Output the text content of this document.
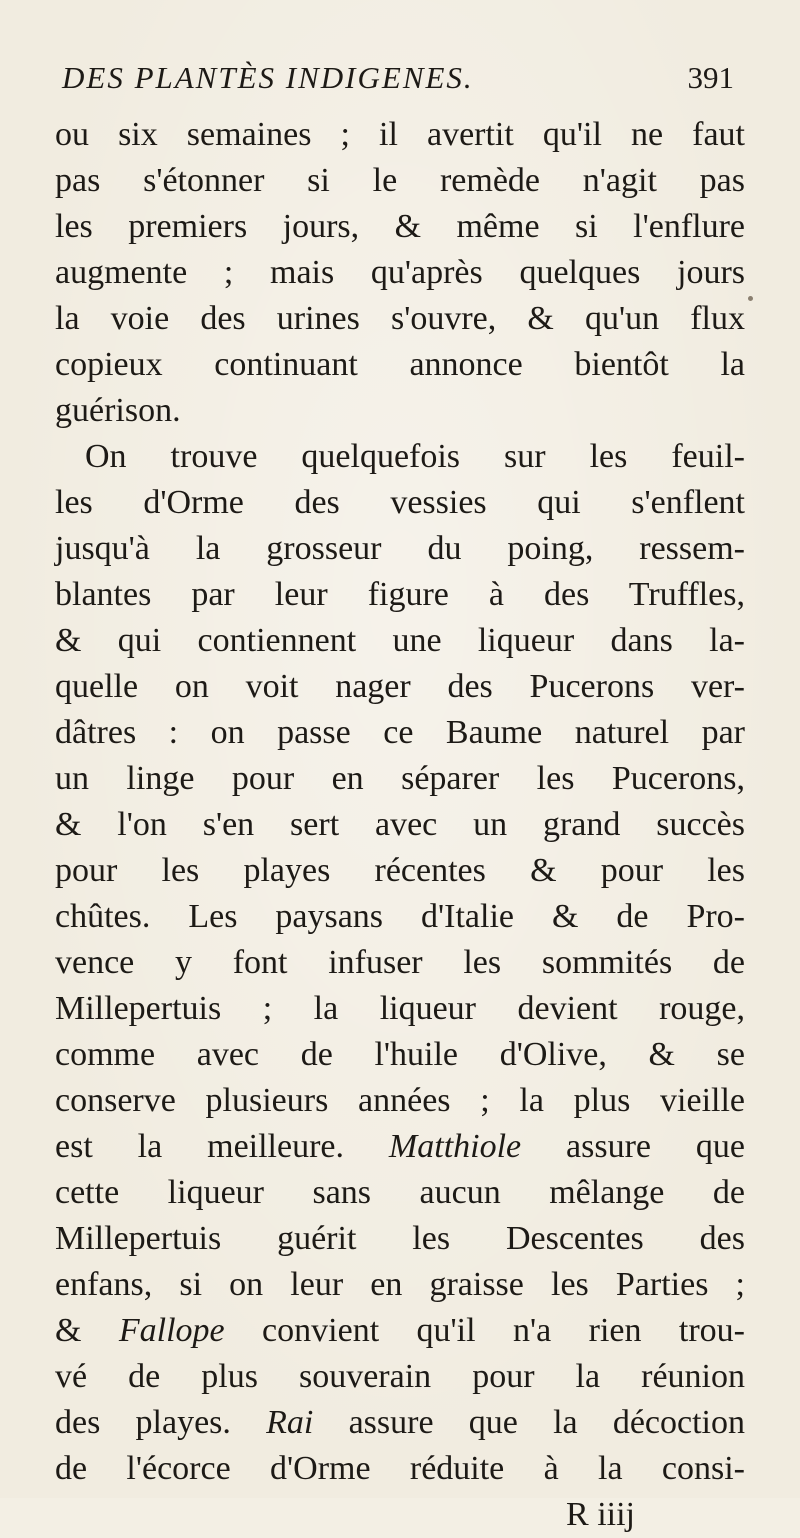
DES PLANTÈS INDIGENES.	391
ou six semaines ; il avertit qu'il ne faut
pas s'étonner si le remède n'agit pas
les premiers jours, & même si l'enflure
augmente ; mais qu'après quelques jours
la voie des urines s'ouvre, & qu'un flux
copieux continuant annonce bientôt la
guérison.
On trouve quelquefois sur les feuil-
les d'Orme des vessies qui s'enflent
jusqu'à la grosseur du poing, ressem-
blantes par leur figure à des Truffles,
& qui contiennent une liqueur dans la-
quelle on voit nager des Pucerons ver-
dâtres : on passe ce Baume naturel par
un linge pour en séparer les Pucerons,
& l'on s'en sert avec un grand succès
pour les playes récentes & pour les
chûtes. Les paysans d'Italie & de Pro-
vence y font infuser les sommités de
Millepertuis ; la liqueur devient rouge,
comme avec de l'huile d'Olive, & se
conserve plusieurs années ; la plus vieille
est la meilleure. Matthiole assure que
cette liqueur sans aucun mêlange de
Millepertuis guérit les Descentes des
enfans, si on leur en graisse les Parties ;
& Fallope convient qu'il n'a rien trou-
vé de plus souverain pour la réunion
des playes. Rai assure que la décoction
de l'écorce d'Orme réduite à la consi-
R iiij
